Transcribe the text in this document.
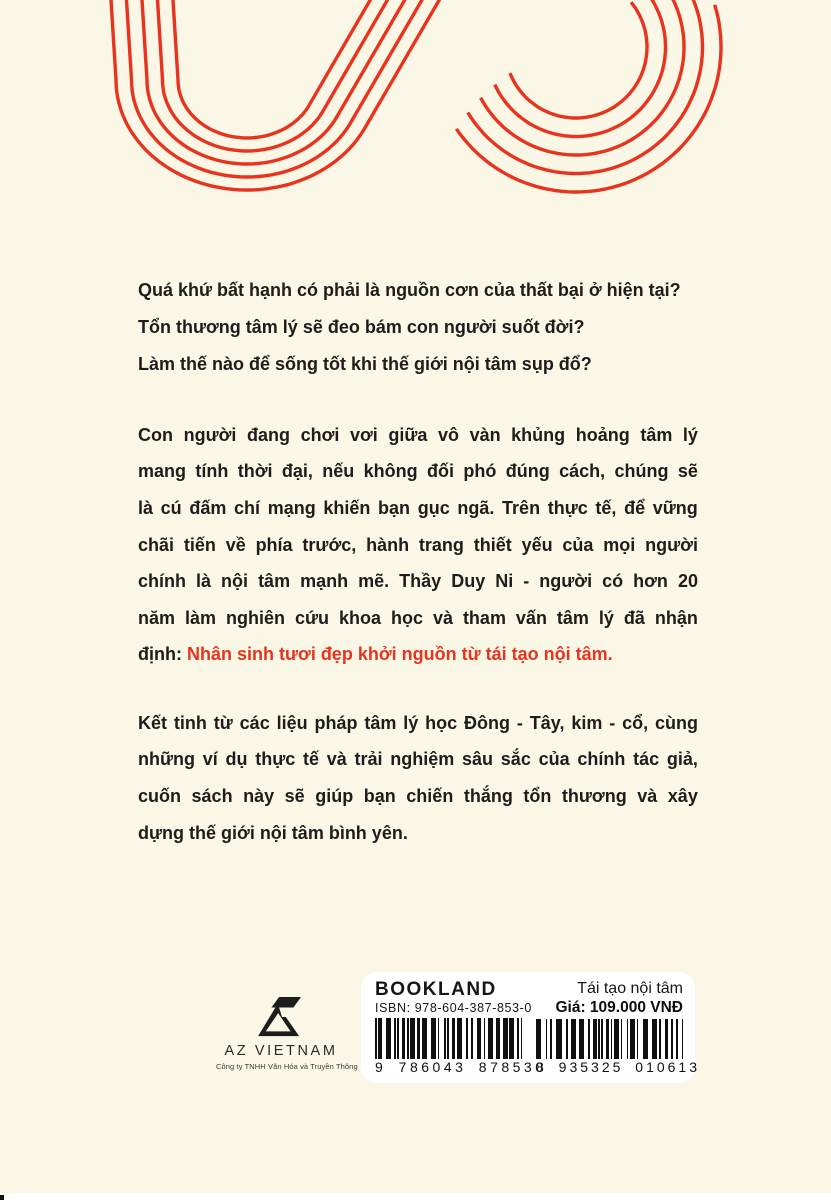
Quá khứ bất hạnh có phải là nguồn cơn của thất bại ở hiện tại?
Tổn thương tâm lý sẽ đeo bám con người suốt đời?
Làm thế nào để sống tốt khi thế giới nội tâm sụp đổ?
Con người đang chơi vơi giữa vô vàn khủng hoảng tâm lý
mang tính thời đại, nếu không đối phó đúng cách, chúng sẽ
là cú đấm chí mạng khiến bạn gục ngã. Trên thực tế, để vững
chãi tiến về phía trước, hành trang thiết yếu của mọi người
chính là nội tâm mạnh mẽ. Thầy Duy Ni - người có hơn 20
năm làm nghiên cứu khoa học và tham vấn tâm lý đã nhận
định: Nhân sinh tươi đẹp khởi nguồn từ tái tạo nội tâm.
Kết tinh từ các liệu pháp tâm lý học Đông - Tây, kim - cổ, cùng
những ví dụ thực tế và trải nghiệm sâu sắc của chính tác giả,
cuốn sách này sẽ giúp bạn chiến thắng tổn thương và xây
dựng thế giới nội tâm bình yên.
AZ VIETNAM
Công ty TNHH Văn Hóa và Truyền Thông
BOOKLAND
ISBN: 978-604-387-853-0
9 786043 878530
Tái tạo nội tâm
Giá: 109.000 VNĐ
8 935325 010613
